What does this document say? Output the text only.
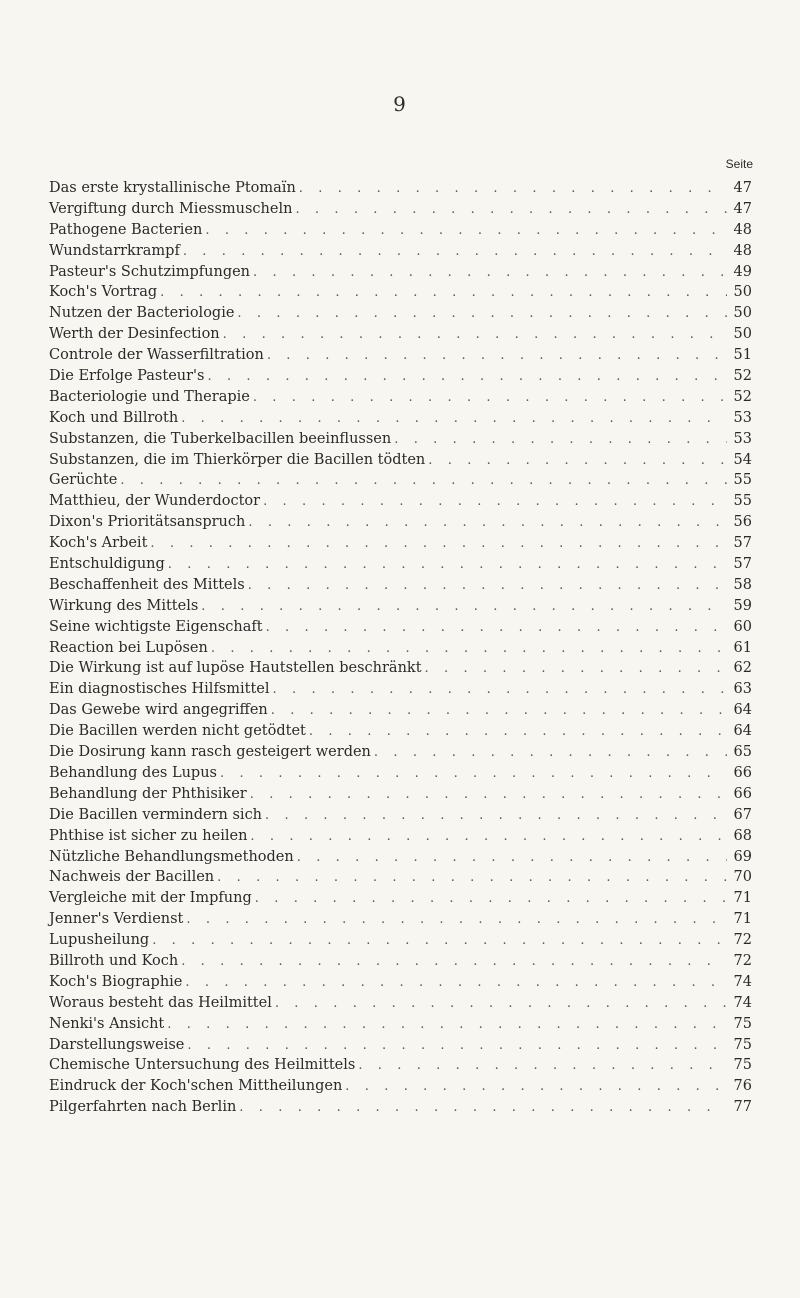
9
Seite
Das erste krystallinische Ptomaïn . . .	47
Vergiftung durch Miessmuscheln . . .	47
Pathogene Bacterien . . .	48
Wundstarrkrampf . . .	48
Pasteur's Schutzimpfungen . . .	49
Koch's Vortrag . . .	50
Nutzen der Bacteriologie . . .	50
Werth der Desinfection . . .	50
Controle der Wasserfiltration . . .	51
Die Erfolge Pasteur's . . .	52
Bacteriologie und Therapie . . .	52
Koch und Billroth . . .	53
Substanzen, die Tuberkelbacillen beeinflussen . . .	53
Substanzen, die im Thierkörper die Bacillen tödten . . .	54
Gerüchte . . .	55
Matthieu, der Wunderdoctor . . .	55
Dixon's Prioritätsanspruch . . .	56
Koch's Arbeit . . .	57
Entschuldigung . . .	57
Beschaffenheit des Mittels . . .	58
Wirkung des Mittels . . .	59
Seine wichtigste Eigenschaft . . .	60
Reaction bei Lupösen . . .	61
Die Wirkung ist auf lupöse Hautstellen beschränkt . . .	62
Ein diagnostisches Hilfsmittel . . .	63
Das Gewebe wird angegriffen . . .	64
Die Bacillen werden nicht getödtet . . .	64
Die Dosirung kann rasch gesteigert werden . . .	65
Behandlung des Lupus . . .	66
Behandlung der Phthisiker . . .	66
Die Bacillen vermindern sich . . .	67
Phthise ist sicher zu heilen . . .	68
Nützliche Behandlungsmethoden . . .	69
Nachweis der Bacillen . . .	70
Vergleiche mit der Impfung . . .	71
Jenner's Verdienst . . .	71
Lupusheilung . . .	72
Billroth und Koch . . .	72
Koch's Biographie . . .	74
Woraus besteht das Heilmittel . . .	74
Nenki's Ansicht . . .	75
Darstellungsweise . . .	75
Chemische Untersuchung des Heilmittels . . .	75
Eindruck der Koch'schen Mittheilungen . . .	76
Pilgerfahrten nach Berlin . . .	77
